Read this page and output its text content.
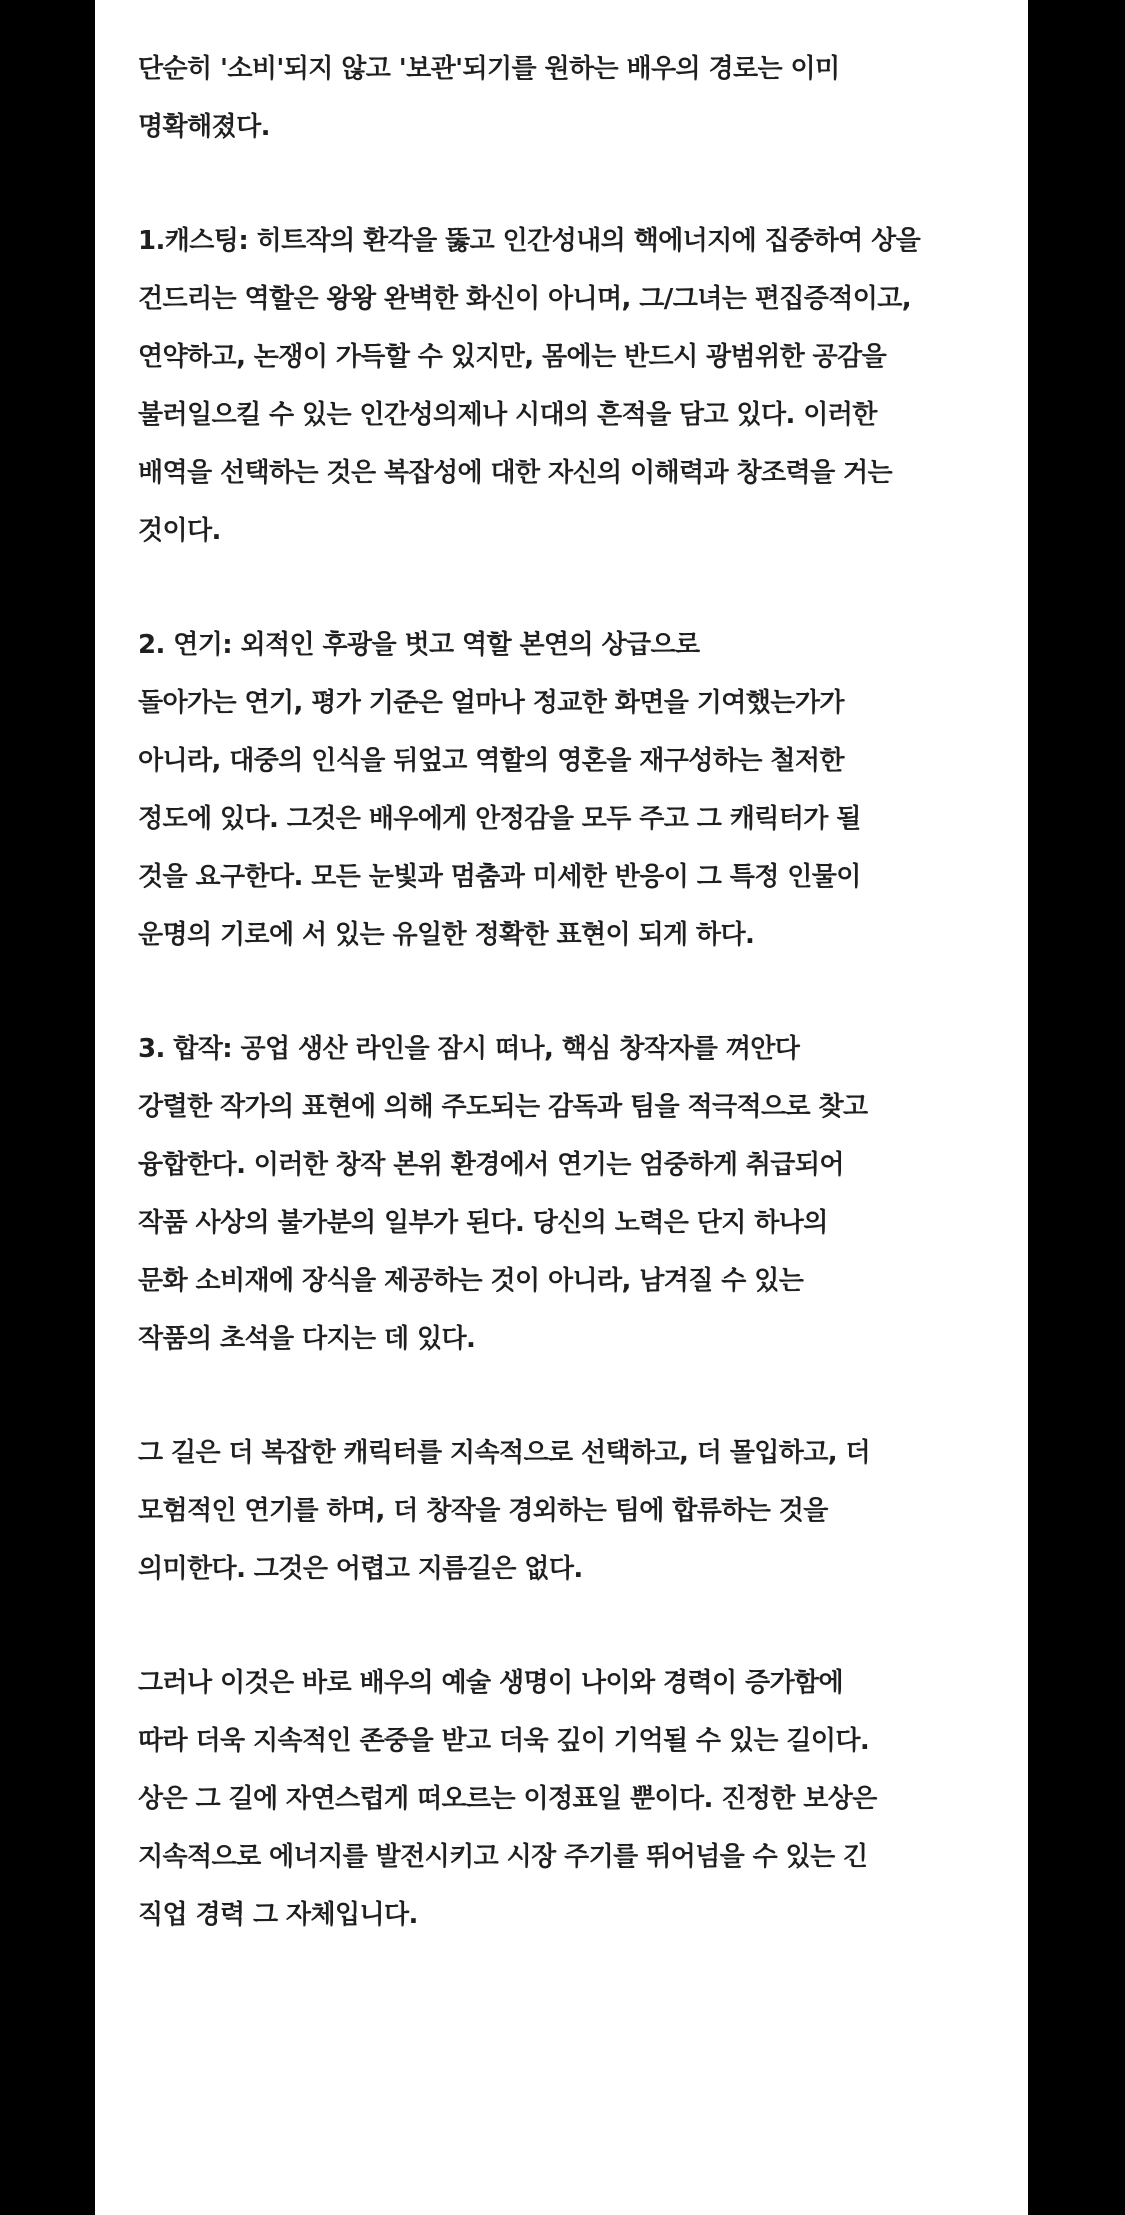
단순히 '소비'되지 않고 '보관'되기를 원하는 배우의 경로는 이미
명확해졌다.
1.캐스팅: 히트작의 환각을 뚫고 인간성내의 핵에너지에 집중하여 상을
건드리는 역할은 왕왕 완벽한 화신이 아니며, 그/그녀는 편집증적이고,
연약하고, 논쟁이 가득할 수 있지만, 몸에는 반드시 광범위한 공감을
불러일으킬 수 있는 인간성의제나 시대의 흔적을 담고 있다. 이러한
배역을 선택하는 것은 복잡성에 대한 자신의 이해력과 창조력을 거는
것이다.
2. 연기: 외적인 후광을 벗고 역할 본연의 상급으로
돌아가는 연기, 평가 기준은 얼마나 정교한 화면을 기여했는가가
아니라, 대중의 인식을 뒤엎고 역할의 영혼을 재구성하는 철저한
정도에 있다. 그것은 배우에게 안정감을 모두 주고 그 캐릭터가 될
것을 요구한다. 모든 눈빛과 멈춤과 미세한 반응이 그 특정 인물이
운명의 기로에 서 있는 유일한 정확한 표현이 되게 하다.
3. 합작: 공업 생산 라인을 잠시 떠나, 핵심 창작자를 껴안다
강렬한 작가의 표현에 의해 주도되는 감독과 팀을 적극적으로 찾고
융합한다. 이러한 창작 본위 환경에서 연기는 엄중하게 취급되어
작품 사상의 불가분의 일부가 된다. 당신의 노력은 단지 하나의
문화 소비재에 장식을 제공하는 것이 아니라, 남겨질 수 있는
작품의 초석을 다지는 데 있다.
그 길은 더 복잡한 캐릭터를 지속적으로 선택하고, 더 몰입하고, 더
모험적인 연기를 하며, 더 창작을 경외하는 팀에 합류하는 것을
의미한다. 그것은 어렵고 지름길은 없다.
그러나 이것은 바로 배우의 예술 생명이 나이와 경력이 증가함에
따라 더욱 지속적인 존중을 받고 더욱 깊이 기억될 수 있는 길이다.
상은 그 길에 자연스럽게 떠오르는 이정표일 뿐이다. 진정한 보상은
지속적으로 에너지를 발전시키고 시장 주기를 뛰어넘을 수 있는 긴
직업 경력 그 자체입니다.
